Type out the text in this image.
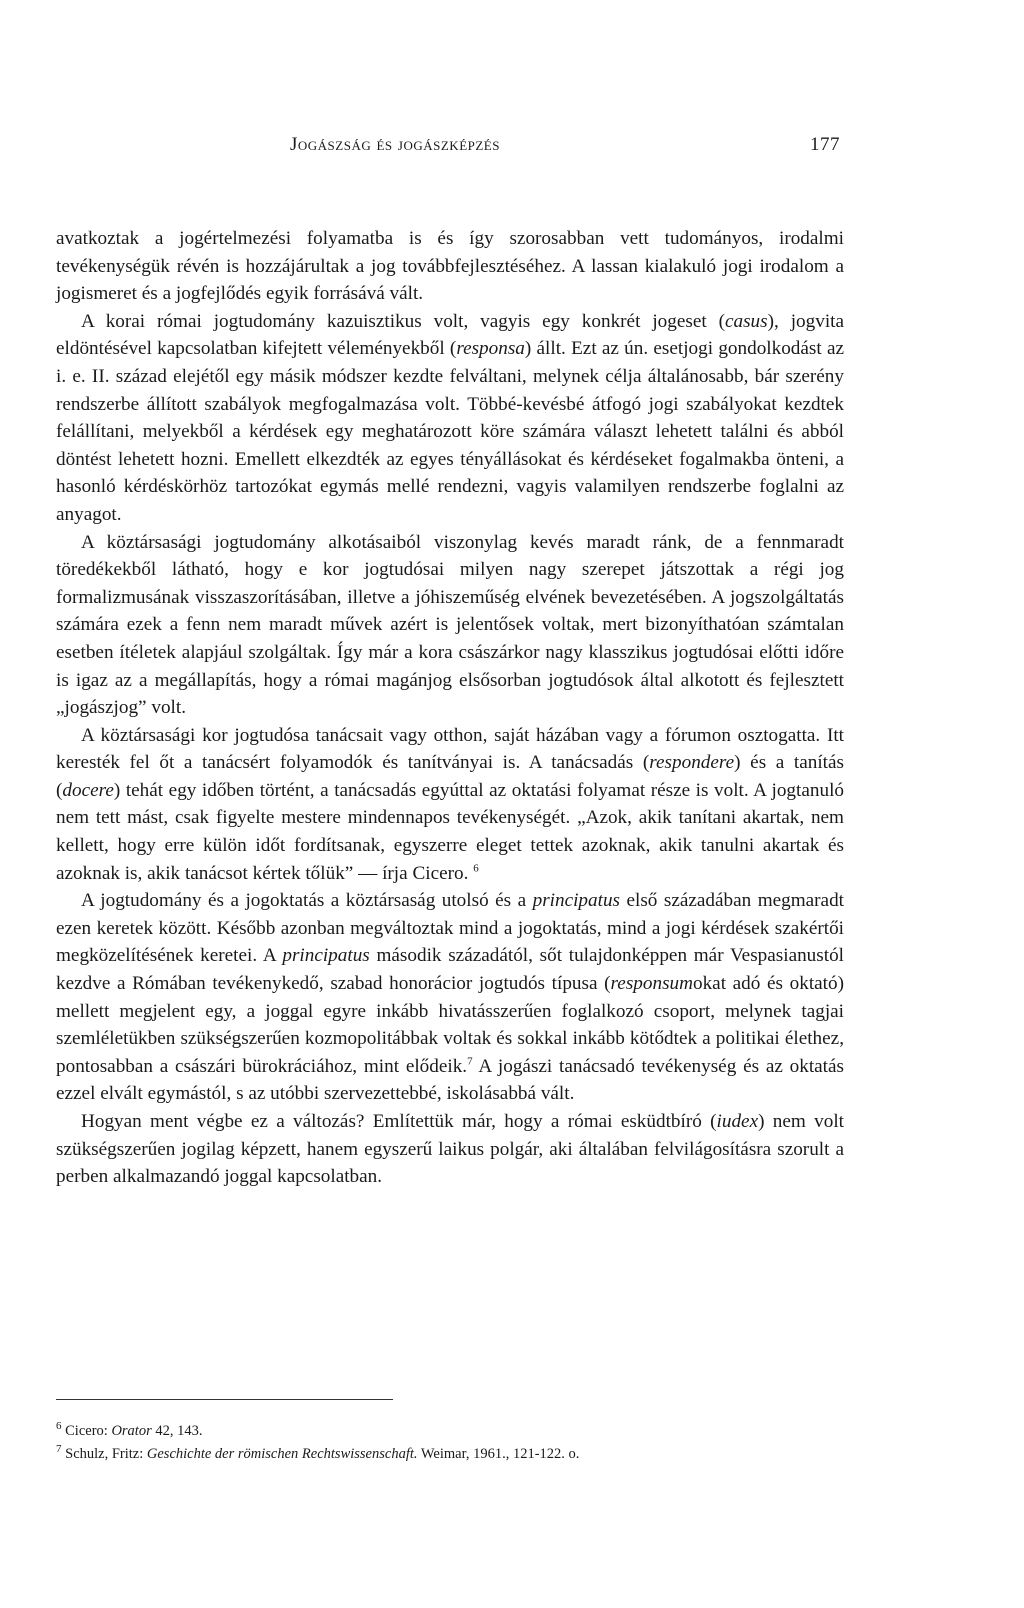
Jogászság és jogászképzés	177

avatkoztak a jogértelmezési folyamatba is és így szorosabban vett tudományos, irodalmi tevékenységük révén is hozzájárultak a jog továbbfejlesztéséhez. A lassan kialakuló jogi irodalom a jogismeret és a jogfejlődés egyik forrásává vált.

A korai római jogtudomány kazuisztikus volt, vagyis egy konkrét jogeset (casus), jogvita eldöntésével kapcsolatban kifejtett véleményekből (responsa) állt. Ezt az ún. esetjogi gondolkodást az i. e. II. század elejétől egy másik módszer kezdte felváltani, melynek célja általánosabb, bár szerény rendszerbe állított szabályok megfogalmazása volt. Többé-kevésbé átfogó jogi szabályokat kezdtek felállítani, melyekből a kérdések egy meghatározott köre számára választ lehetett találni és abból döntést lehetett hozni. Emellett elkezdték az egyes tényállásokat és kérdéseket fogalmakba önteni, a hasonló kérdéskörhöz tartozókat egymás mellé rendezni, vagyis valamilyen rendszerbe foglalni az anyagot.

A köztársasági jogtudomány alkotásaiból viszonylag kevés maradt ránk, de a fennmaradt töredékekből látható, hogy e kor jogtudósai milyen nagy szerepet játszottak a régi jog formalizmusának visszaszorításában, illetve a jóhiszeműség elvének bevezetésében. A jogszolgáltatás számára ezek a fenn nem maradt művek azért is jelentősek voltak, mert bizonyíthatóan számtalan esetben ítéletek alapjául szolgáltak. Így már a kora császárkor nagy klasszikus jogtudósai előtti időre is igaz az a megállapítás, hogy a római magánjog elsősorban jogtudósok által alkotott és fejlesztett „jogászjog” volt.

A köztársasági kor jogtudósa tanácsait vagy otthon, saját házában vagy a fórumon osztogatta. Itt keresték fel őt a tanácsért folyamodók és tanítványai is. A tanácsadás (respondere) és a tanítás (docere) tehát egy időben történt, a tanácsadás egyúttal az oktatási folyamat része is volt. A jogtanuló nem tett mást, csak figyelte mestere mindennapos tevékenységét. „Azok, akik tanítani akartak, nem kellett, hogy erre külön időt fordítsanak, egyszerre eleget tettek azoknak, akik tanulni akartak és azoknak is, akik tanácsot kértek tőlük” — írja Cicero. $^6$

A jogtudomány és a jogoktatás a köztársaság utolsó és a principatus első századában megmaradt ezen keretek között. Később azonban megváltoztak mind a jogoktatás, mind a jogi kérdések szakértői megközelítésének keretei. A principatus második századától, sőt tulajdonképpen már Vespasianustól kezdve a Rómában tevékenykedő, szabad honorácior jogtudós típusa (responsumokat adó és oktató) mellett megjelent egy, a joggal egyre inkább hivatásszerűen foglalkozó csoport, melynek tagjai szemléletükben szükségszerűen kozmopolitábbak voltak és sokkal inkább kötődtek a politikai élethez, pontosabban a császári bürokráciához, mint elődeik.$^7$ A jogászi tanácsadó tevékenység és az oktatás ezzel elvált egymástól, s az utóbbi szervezettebbé, iskolásabbá vált.

Hogyan ment végbe ez a változás? Említettük már, hogy a római esküdtbíró (iudex) nem volt szükségszerűen jogilag képzett, hanem egyszerű laikus polgár, aki általában felvilágosításra szorult a perben alkalmazandó joggal kapcsolatban.

$^6$ Cicero: Orator 42, 143.

$^7$ Schulz, Fritz: Geschichte der römischen Rechtswissenschaft. Weimar, 1961., 121-122. o.
